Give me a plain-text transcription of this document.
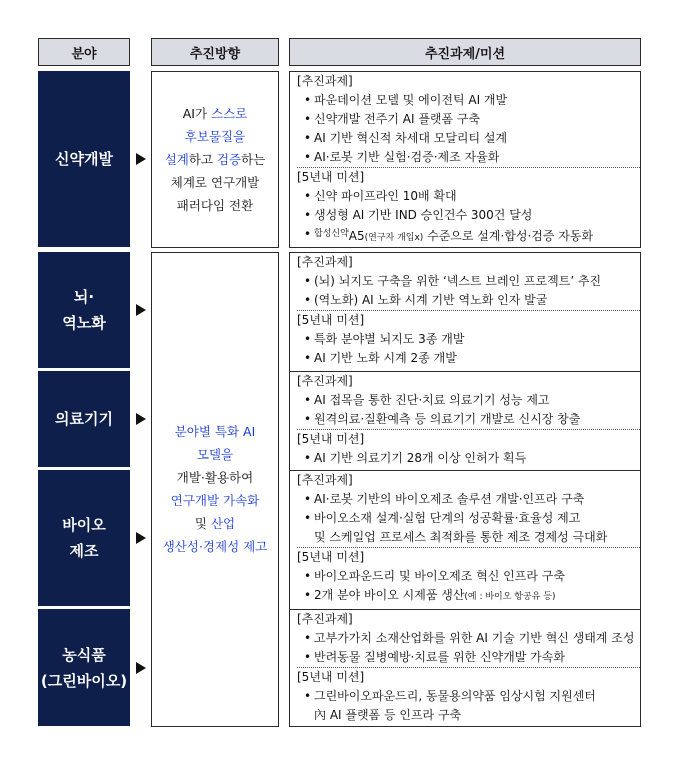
분야	추진방향	추진과제/미션
신약개발
뇌·
역노화
의료기기
바이오
제조
농식품
(그린바이오)
AI가 스스로
후보물질을
설계하고 검증하는
체계로 연구개발
패러다임 전환
분야별 특화 AI
모델을
개발·활용하여
연구개발 가속화
및 산업
생산성·경제성 제고
[추진과제]
• 파운데이션 모델 및 에이전틱 AI 개발
• 신약개발 전주기 AI 플랫폼 구축
• AI 기반 혁신적 차세대 모달리티 설계
• AI·로봇 기반 실험·검증·제조 자율화
[5년내 미션]
• 신약 파이프라인 10배 확대
• 생성형 AI 기반 IND 승인건수 300건 달성
• $^{합성신약}$A5(연구자 개입x) 수준으로 설계·합성·검증 자동화
[추진과제]
• (뇌) 뇌지도 구축을 위한 ‘넥스트 브레인 프로젝트’ 추진
• (역노화) AI 노화 시계 기반 역노화 인자 발굴
[5년내 미션]
• 특화 분야별 뇌지도 3종 개발
• AI 기반 노화 시계 2종 개발
[추진과제]
• AI 접목을 통한 진단·치료 의료기기 성능 제고
• 원격의료·질환예측 등 의료기기 개발로 신시장 창출
[5년내 미션]
• AI 기반 의료기기 28개 이상 인허가 획득
[추진과제]
• AI·로봇 기반의 바이오제조 솔루션 개발·인프라 구축
• 바이오소재 설계·실험 단계의 성공확률·효율성 제고
및 스케일업 프로세스 최적화를 통한 제조 경제성 극대화
[5년내 미션]
• 바이오파운드리 및 바이오제조 혁신 인프라 구축
• 2개 분야 바이오 시제품 생산(예 : 바이오 항공유 등)
[추진과제]
• 고부가가치 소재산업화를 위한 AI 기술 기반 혁신 생태계 조성
• 반려동물 질병예방·치료를 위한 신약개발 가속화
[5년내 미션]
• 그린바이오파운드리, 동물용의약품 임상시험 지원센터
內 AI 플랫폼 등 인프라 구축
